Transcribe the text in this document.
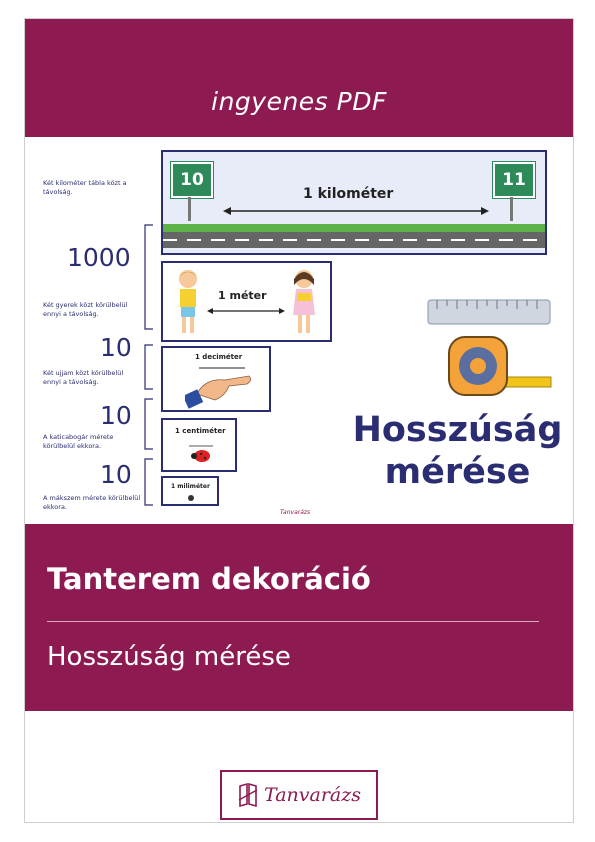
ingyenes PDF
Két kilométer tábla közt a távolság.
Két gyerek közt körülbelül ennyi a távolság.
Két ujjam közt körülbelül ennyi a távolság.
A katicabogár mérete körülbelül ekkora.
A mákszem mérete körülbelül ekkora.
1000
10
10
10
10	11
1 kilométer
1 méter
1 deciméter
1 centiméter
1 miliméter
Hosszúság
mérése
Tanvarázs
Tanterem dekoráció
Hosszúság mérése
Tanvarázs
